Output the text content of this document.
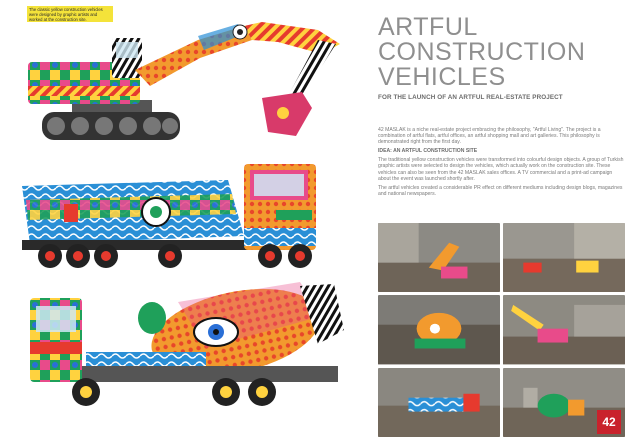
The classic yellow construction vehicles were designed by graphic artists and worked at the construction site.	ARTFUL
CONSTRUCTION
VEHICLES
FOR THE LAUNCH OF AN ARTFUL REAL-ESTATE PROJECT

42 MASLAK is a niche real-estate project embracing the philosophy, "Artful Living". The project is a combination of artful flats, artful offices, an artful shopping mall and art galleries. This philosophy is demonstrated right from the first day.

IDEA: AN ARTFUL CONSTRUCTION SITE

The traditional yellow construction vehicles were transformed into colourful design objects. A group of Turkish graphic artists were selected to design the vehicles, which actually work on the construction site. These vehicles can also be seen from the 42 MASLAK sales offices. A TV commercial and a print-ad campaign about the event was launched shortly after.

The artful vehicles created a considerable PR effect on different mediums including design blogs, magazines and national newspapers.

42
